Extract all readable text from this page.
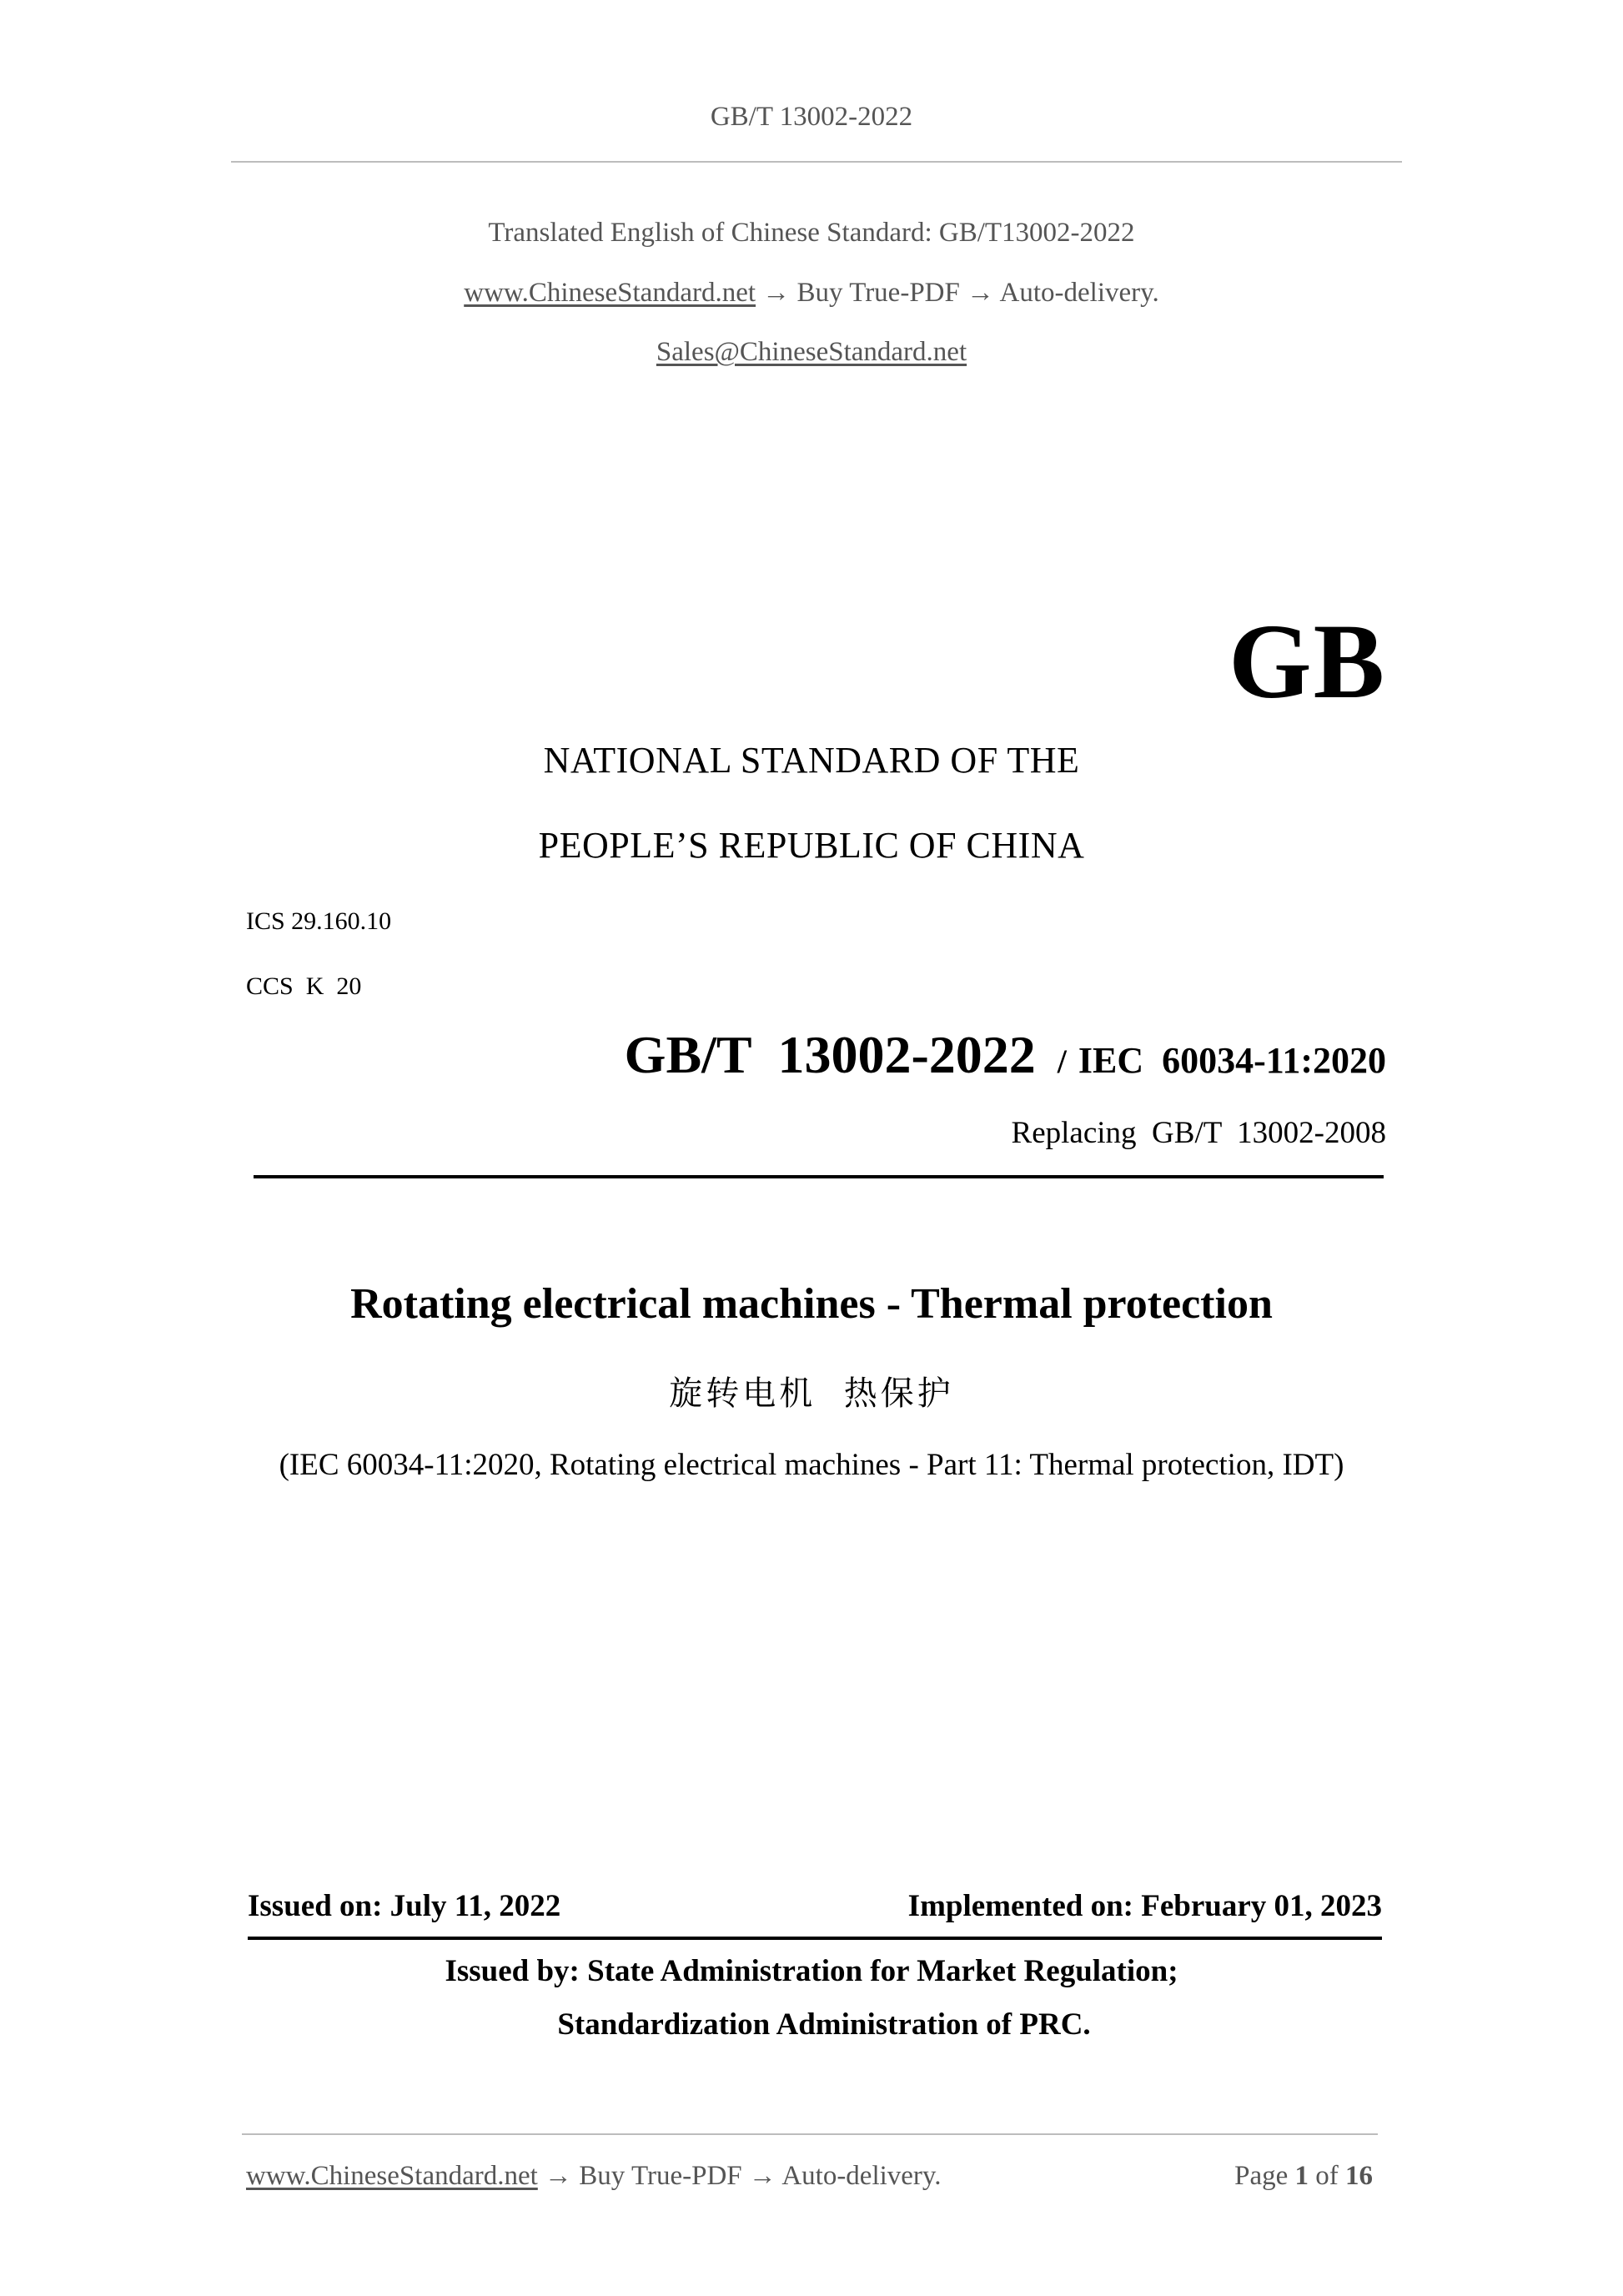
GB/T 13002-2022
Translated English of Chinese Standard: GB/T13002-2022
www.ChineseStandard.net → Buy True-PDF → Auto-delivery.
Sales@ChineseStandard.net
GB
NATIONAL STANDARD OF THE
PEOPLE’S REPUBLIC OF CHINA
ICS 29.160.10
CCS  K  20
GB/T  13002-2022 / IEC  60034-11:2020
Replacing  GB/T  13002-2008
Rotating electrical machines - Thermal protection
旋转电机  热保护
(IEC 60034-11:2020, Rotating electrical machines - Part 11: Thermal protection, IDT)
Issued on: July 11, 2022	Implemented on: February 01, 2023
Issued by: State Administration for Market Regulation;
Standardization Administration of PRC.
www.ChineseStandard.net → Buy True-PDF → Auto-delivery.	Page 1 of 16
